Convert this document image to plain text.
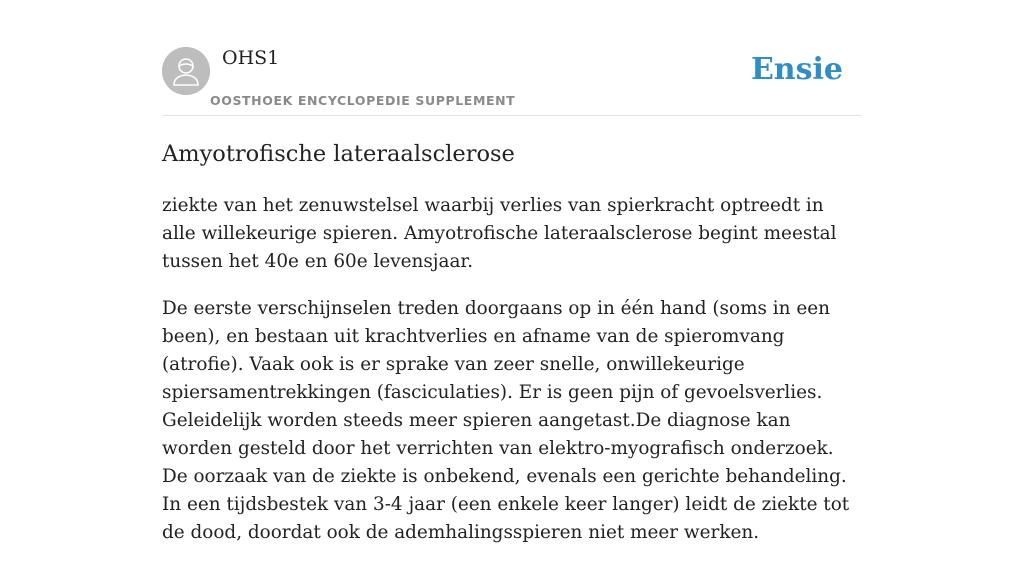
OHS1
OOSTHOEK ENCYCLOPEDIE SUPPLEMENT
Ensie
Amyotrofische lateraalsclerose

ziekte van het zenuwstelsel waarbij verlies van spierkracht optreedt in alle willekeurige spieren. Amyotrofische lateraalsclerose begint meestal tussen het 40e en 60e levensjaar.

De eerste verschijnselen treden doorgaans op in één hand (soms in een been), en bestaan uit krachtverlies en afname van de spieromvang (atrofie). Vaak ook is er sprake van zeer snelle, onwillekeurige spiersamentrekkingen (fasciculaties). Er is geen pijn of gevoelsverlies. Geleidelijk worden steeds meer spieren aangetast.De diagnose kan worden gesteld door het verrichten van elektro-myografisch onderzoek. De oorzaak van de ziekte is onbekend, evenals een gerichte behandeling. In een tijdsbestek van 3-4 jaar (een enkele keer langer) leidt de ziekte tot de dood, doordat ook de ademhalingsspieren niet meer werken.
